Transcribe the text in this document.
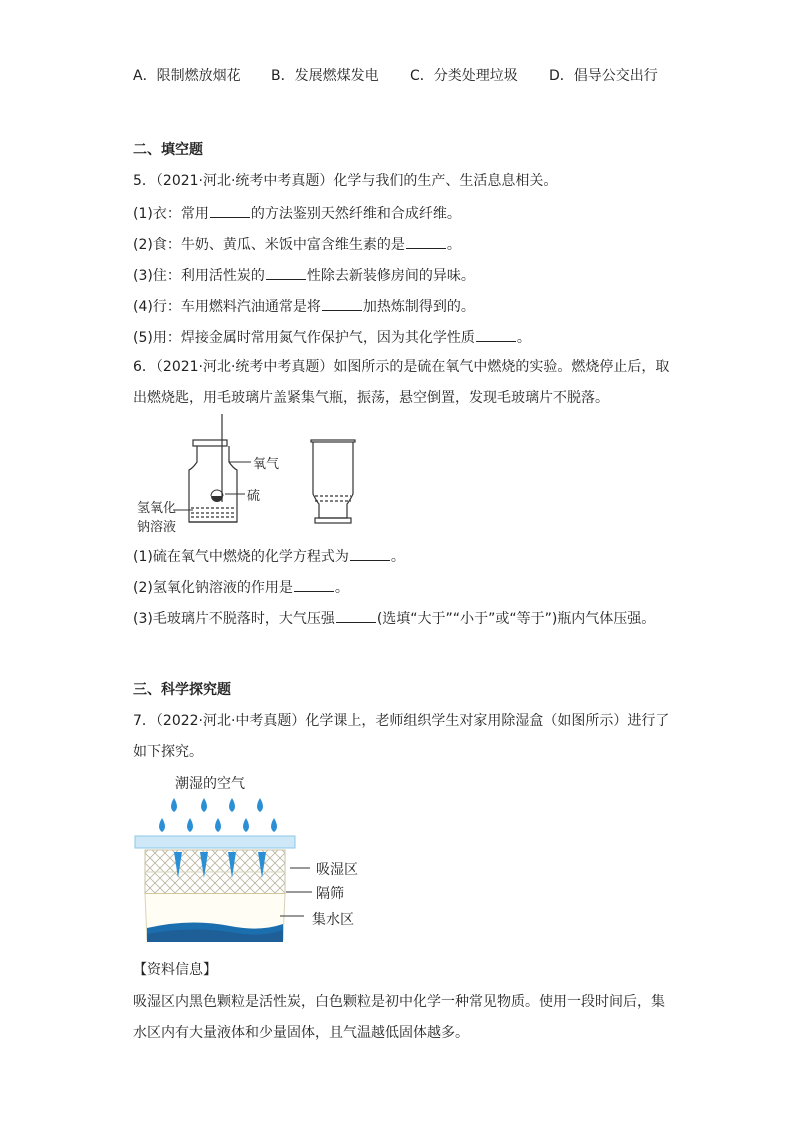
A．限制燃放烟花 B．发展燃煤发电 C．分类处理垃圾 D．倡导公交出行
二、填空题
5．（2021·河北·统考中考真题）化学与我们的生产、生活息息相关。
(1)衣：常用	的方法鉴别天然纤维和合成纤维。
(2)食：牛奶、黄瓜、米饭中富含维生素的是	。
(3)住：利用活性炭的	性除去新装修房间的异味。
(4)行：车用燃料汽油通常是将	加热炼制得到的。
(5)用：焊接金属时常用氮气作保护气，因为其化学性质	。
6．（2021·河北·统考中考真题）如图所示的是硫在氧气中燃烧的实验。燃烧停止后，取
出燃烧匙，用毛玻璃片盖紧集气瓶，振荡，悬空倒置，发现毛玻璃片不脱落。
氧气
硫
氢氧化
钠溶液
(1)硫在氧气中燃烧的化学方程式为	。
(2)氢氧化钠溶液的作用是	。
(3)毛玻璃片不脱落时，大气压强	(选填“大于”“小于”或“等于”)瓶内气体压强。
三、科学探究题
7．（2022·河北·中考真题）化学课上，老师组织学生对家用除湿盒（如图所示）进行了
如下探究。
潮湿的空气
吸湿区
隔筛
集水区
【资料信息】
吸湿区内黑色颗粒是活性炭，白色颗粒是初中化学一种常见物质。使用一段时间后，集
水区内有大量液体和少量固体，且气温越低固体越多。
